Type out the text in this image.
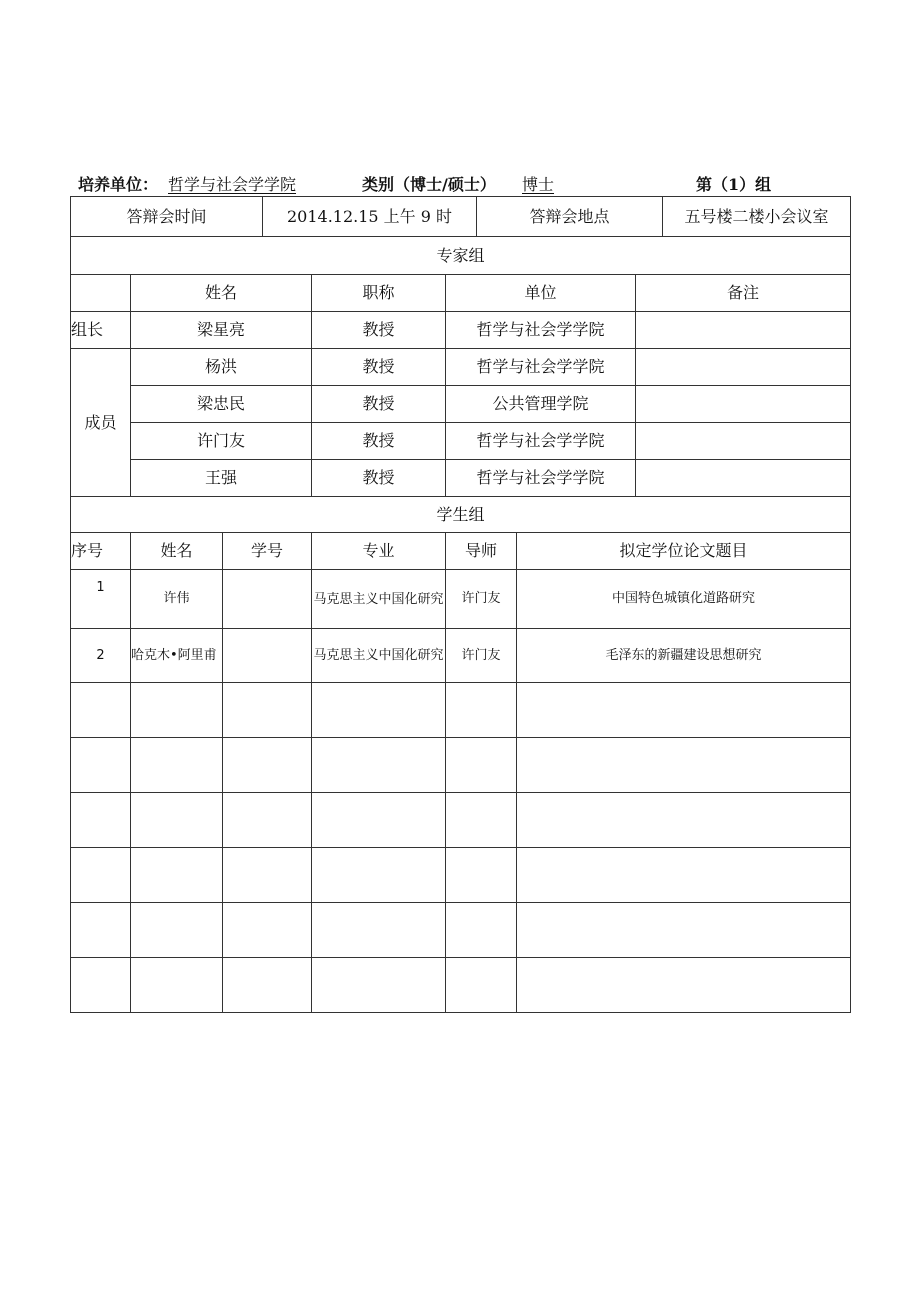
培养单位： 哲学与社会学学院	类别（博士/硕士） 博士	第（1）组
答辩会时间	2014.12.15 上午 9 时	答辩会地点	五号楼二楼小会议室
专家组				
	姓名	职称	单位	备注
组长	梁星亮	教授	哲学与社会学学院	
成员	杨洪	教授	哲学与社会学学院	
	梁忠民	教授	公共管理学院	
	许门友	教授	哲学与社会学学院	
	王强	教授	哲学与社会学学院	
学生组					
序号	姓名	学号	专业	导师	拟定学位论文题目
1	许伟		马克思主义中国化研究	许门友	中国特色城镇化道路研究
2	哈克木•阿里甫		马克思主义中国化研究	许门友	毛泽东的新疆建设思想研究
